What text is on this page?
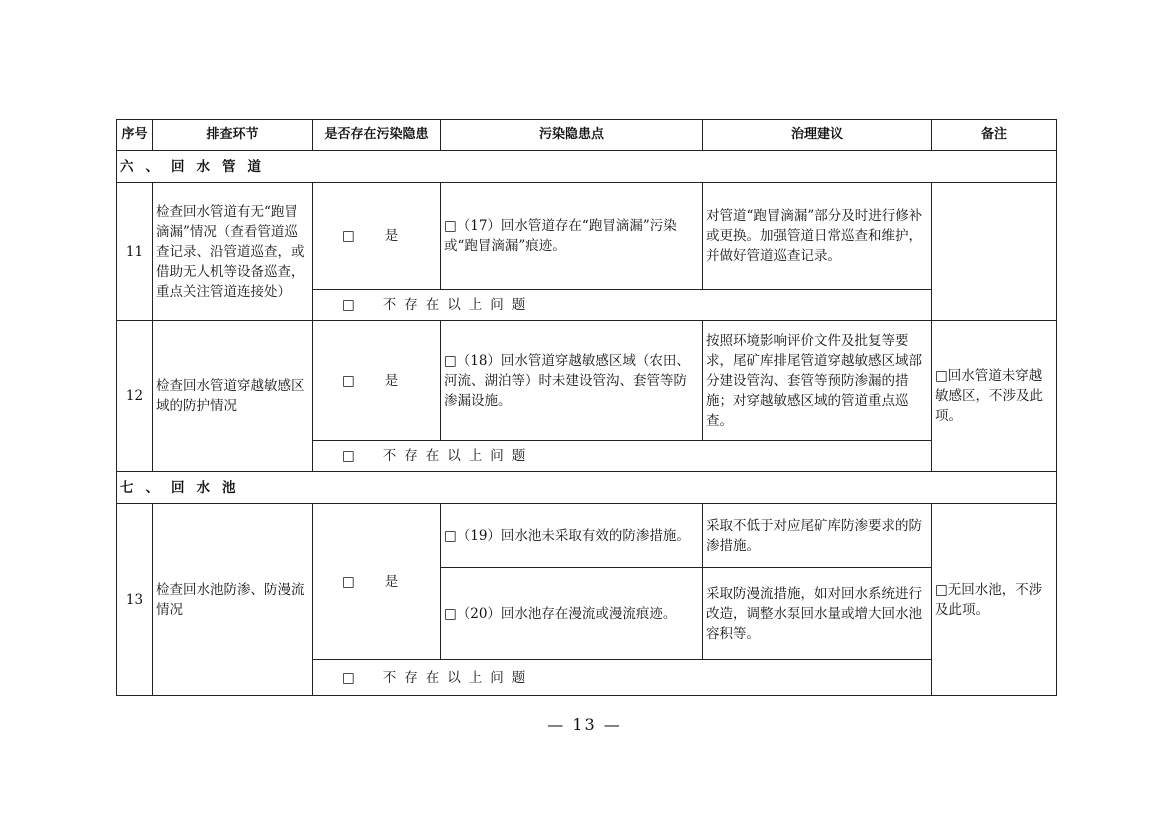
序号	排查环节	是否存在污染隐患	污染隐患点	治理建议	备注
六、回水管道					
11	检查回水管道有无“跑冒滴漏”情况（查看管道巡查记录、沿管道巡查，或借助无人机等设备巡查，重点关注管道连接处）	□ 是	□（17）回水管道存在“跑冒滴漏”污染或“跑冒滴漏”痕迹。	对管道“跑冒滴漏”部分及时进行修补或更换。加强管道日常巡查和维护，并做好管道巡查记录。	
		□ 不存在以上问题			
12	检查回水管道穿越敏感区域的防护情况	□ 是	□（18）回水管道穿越敏感区域（农田、河流、湖泊等）时未建设管沟、套管等防渗漏设施。	按照环境影响评价文件及批复等要求，尾矿库排尾管道穿越敏感区域部分建设管沟、套管等预防渗漏的措施；对穿越敏感区域的管道重点巡查。	□回水管道未穿越敏感区，不涉及此项。
		□ 不存在以上问题			
七、回水池					
13	检查回水池防渗、防漫流情况	□ 是	□（19）回水池未采取有效的防渗措施。	采取不低于对应尾矿库防渗要求的防渗措施。	□无回水池，不涉及此项。
			□（20）回水池存在漫流或漫流痕迹。	采取防漫流措施，如对回水系统进行改造，调整水泵回水量或增大回水池容积等。	
		□ 不存在以上问题			
— 13 —
